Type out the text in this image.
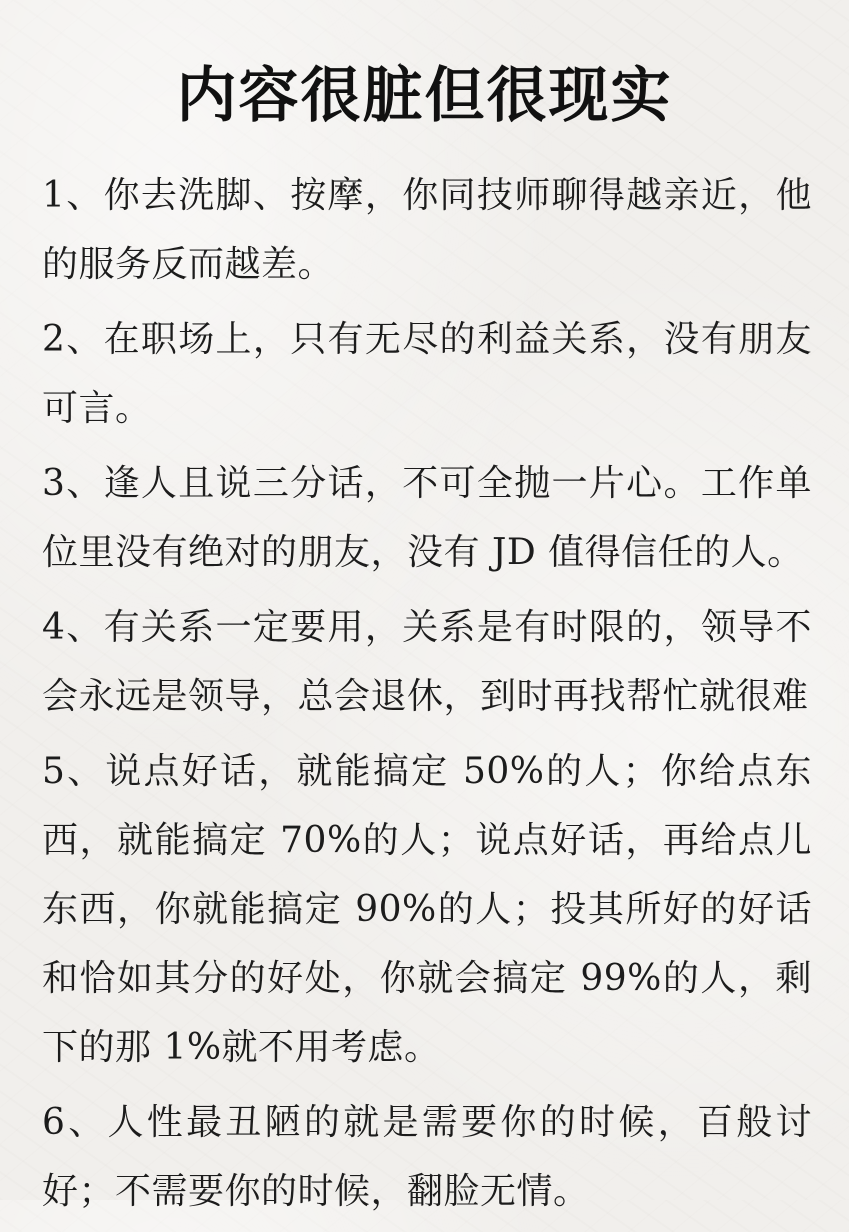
内容很脏但很现实

1、你去洗脚、按摩，你同技师聊得越亲近，他的服务反而越差。

2、在职场上，只有无尽的利益关系，没有朋友可言。

3、逢人且说三分话，不可全抛一片心。工作单位里没有绝对的朋友，没有 JD 值得信任的人。

4、有关系一定要用，关系是有时限的，领导不会永远是领导，总会退休，到时再找帮忙就很难

5、说点好话，就能搞定 50%的人；你给点东西，就能搞定 70%的人；说点好话，再给点儿东西，你就能搞定 90%的人；投其所好的好话和恰如其分的好处，你就会搞定 99%的人，剩下的那 1%就不用考虑。

6、人性最丑陋的就是需要你的时候，百般讨好；不需要你的时候，翻脸无情。
